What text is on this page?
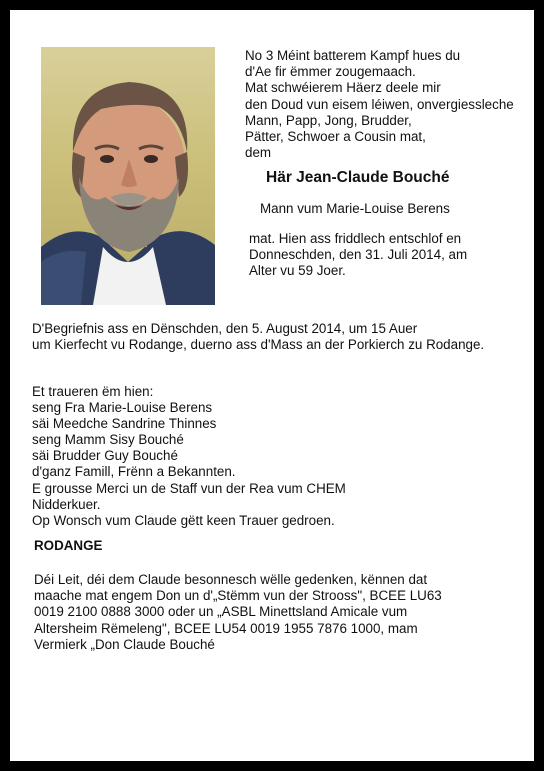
No 3 Méint batterem Kampf hues du
d'Ae fir ëmmer zougemaach.
Mat schwéierem Häerz deele mir
den Doud vun eisem léiwen, onvergiessleche
Mann, Papp, Jong, Brudder,
Pätter, Schwoer a Cousin mat,
dem
Här Jean-Claude Bouché
Mann vum Marie-Louise Berens
mat. Hien ass friddlech entschlof en
Donneschden, den 31. Juli 2014, am
Alter vu 59 Joer.
D'Begriefnis ass en Dënschden, den 5. August 2014, um 15 Auer
um Kierfecht vu Rodange, duerno ass d'Mass an der Porkierch zu Rodange.
Et traueren ëm hien:
seng Fra Marie-Louise Berens
säi Meedche Sandrine Thinnes
seng Mamm Sisy Bouché
säi Brudder Guy Bouché
d'ganz Famill, Frënn a Bekannten.
E grousse Merci un de Staff vun der Rea vum CHEM
Nidderkuer.
Op Wonsch vum Claude gëtt keen Trauer gedroen.
RODANGE
Déi Leit, déi dem Claude besonnesch wëlle gedenken, kënnen dat
maache mat engem Don un d'„Stëmm vun der Strooss", BCEE LU63
0019 2100 0888 3000 oder un „ASBL Minettsland Amicale vum
Altersheim Rëmeleng", BCEE LU54 0019 1955 7876 1000, mam
Vermierk „Don Claude Bouché
